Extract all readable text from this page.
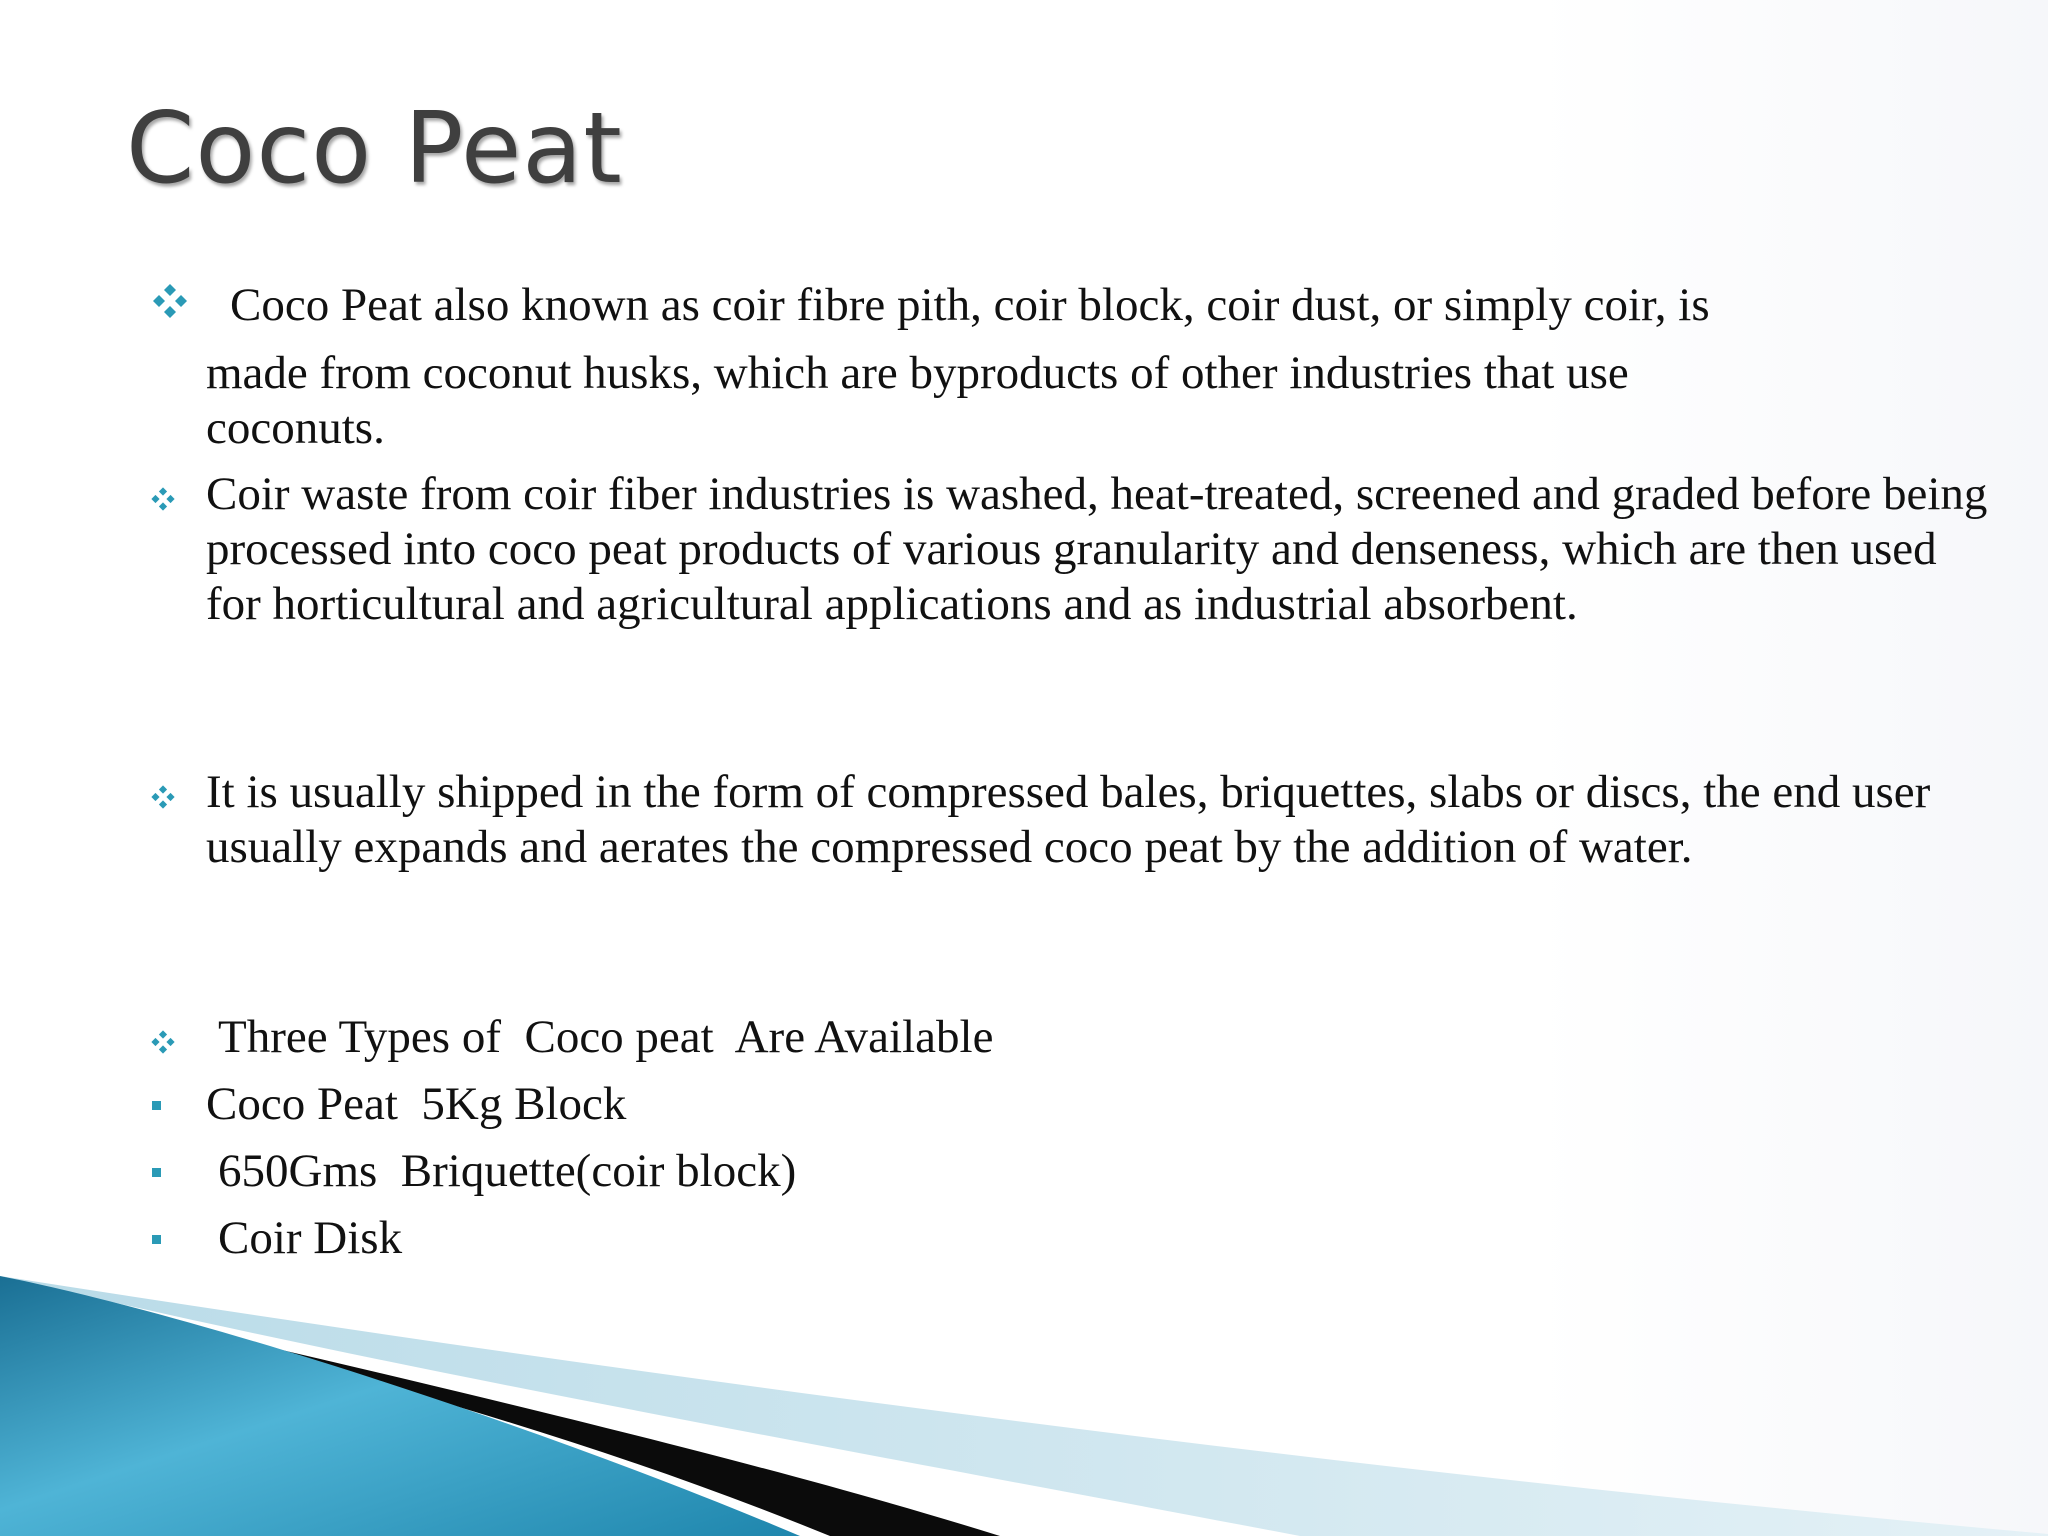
Coco Peat
Coco Peat also known as coir fibre pith, coir block, coir dust, or simply coir, is
made from coconut husks, which are byproducts of other industries that use coconuts.
Coir waste from coir fiber industries is washed, heat-treated, screened and graded before being processed into coco peat products of various granularity and denseness, which are then used for horticultural and agricultural applications and as industrial absorbent.
It is usually shipped in the form of compressed bales, briquettes, slabs or discs, the end user usually expands and aerates the compressed coco peat by the addition of water.
Three Types of  Coco peat  Are Available
Coco Peat  5Kg Block
650Gms  Briquette(coir block)
Coir Disk
